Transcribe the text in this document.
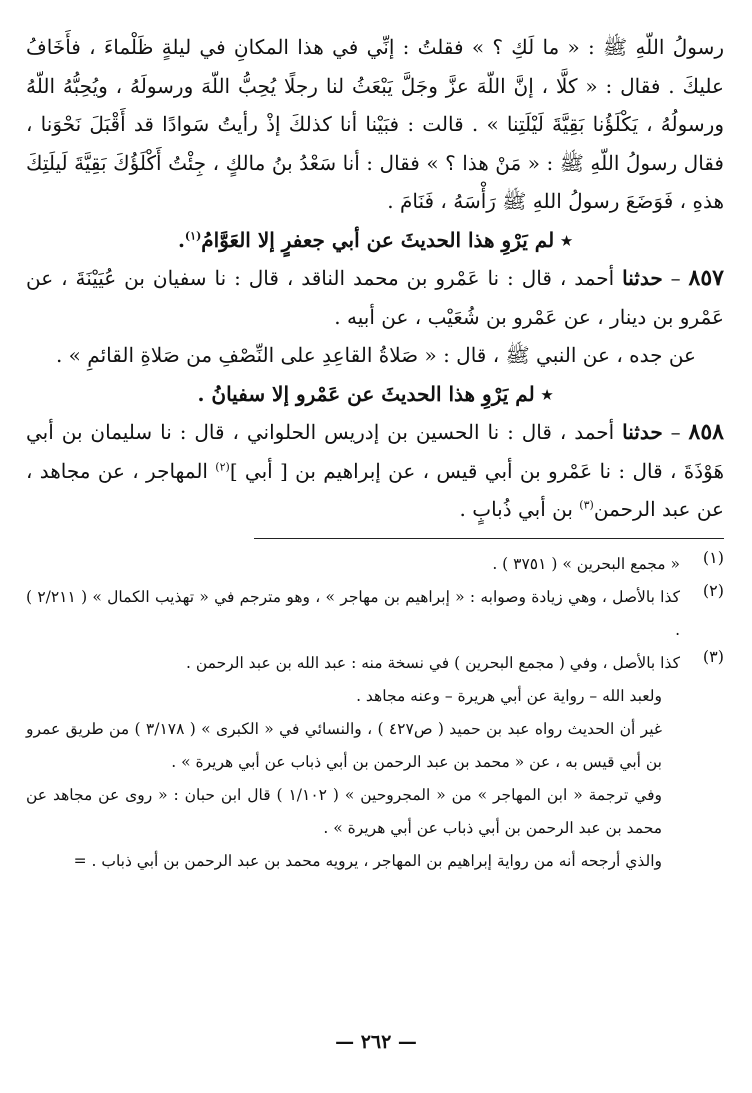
رسولُ اللّهِ ﷺ : « ما لَكِ ؟ » فقلتُ : إنِّي في هذا المكانِ في ليلةٍ ظَلْماءَ ، فأَخَافُ عليكَ . فقال : « كلَّا ، إنَّ اللّهَ عزَّ وجَلَّ يَبْعَثُ لنا رجلًا يُحِبُّ اللّهَ ورسولَهُ ، ويُحِبُّهُ اللّهُ ورسولُهُ ، يَكْلَؤُنا بَقِيَّةَ لَيْلَتِنا » . قالت : فبَيْنا أنا كذلكَ إذْ رأيتُ سَوادًا قد أَقْبَلَ نَحْوَنا ، فقال رسولُ اللّهِ ﷺ : « مَنْ هذا ؟ » فقال : أنا سَعْدُ بنُ مالكٍ ، جِئْتُ أَكْلَؤُكَ بَقِيَّةَ لَيلَتِكَ هذهِ ، فَوَضَعَ رسولُ اللهِ ﷺ رَأْسَهُ ، فَنَامَ .

٭ لم يَرْوِ هذا الحديثَ عن أبي جعفرٍ إلا العَوَّامُ$^{(١)}$.

٨٥٧ – حدثنا أحمد ، قال : نا عَمْرو بن محمد الناقد ، قال : نا سفيان بن عُيَيْنَةَ ، عن عَمْرو بن دينار ، عن عَمْرو بن شُعَيْب ، عن أبيه .

عن جده ، عن النبي ﷺ ، قال : « صَلاةُ القاعِدِ على النِّصْفِ من صَلاةِ القائمِ » .

٭ لم يَرْوِ هذا الحديثَ عن عَمْرو إلا سفيانُ .

٨٥٨ – حدثنا أحمد ، قال : نا الحسين بن إدريس الحلواني ، قال : نا سليمان بن أبي هَوْذَةَ ، قال : نا عَمْرو بن أبي قيس ، عن إبراهيم بن [ أبي ]$^{(٢)}$ المهاجر ، عن مجاهد ، عن عبد الرحمن$^{(٣)}$ بن أبي ذُبابٍ .

(١)

« مجمع البحرين » ( ٣٧٥١ ) .

(٢)

كذا بالأصل ، وهي زيادة وصوابه : « إبراهيم بن مهاجر » ، وهو مترجم في « تهذيب الكمال » ( ٢/٢١١ ) .

(٣)

كذا بالأصل ، وفي ( مجمع البحرين ) في نسخة منه : عبد الله بن عبد الرحمن .

ولعبد الله – رواية عن أبي هريرة – وعنه مجاهد .

غير أن الحديث رواه عبد بن حميد ( ص٤٢٧ ) ، والنسائي في « الكبرى » ( ٣/١٧٨ ) من طريق عمرو بن أبي قيس به ، عن « محمد بن عبد الرحمن بن أبي ذباب عن أبي هريرة » .

وفي ترجمة « ابن المهاجر » من « المجروحين » ( ١/١٠٢ ) قال ابن حبان : « روى عن مجاهد عن محمد بن عبد الرحمن بن أبي ذباب عن أبي هريرة » .

والذي أرجحه أنه من رواية إبراهيم بن المهاجر ، يرويه محمد بن عبد الرحمن بن أبي ذباب . =

— ٢٦٢ —
